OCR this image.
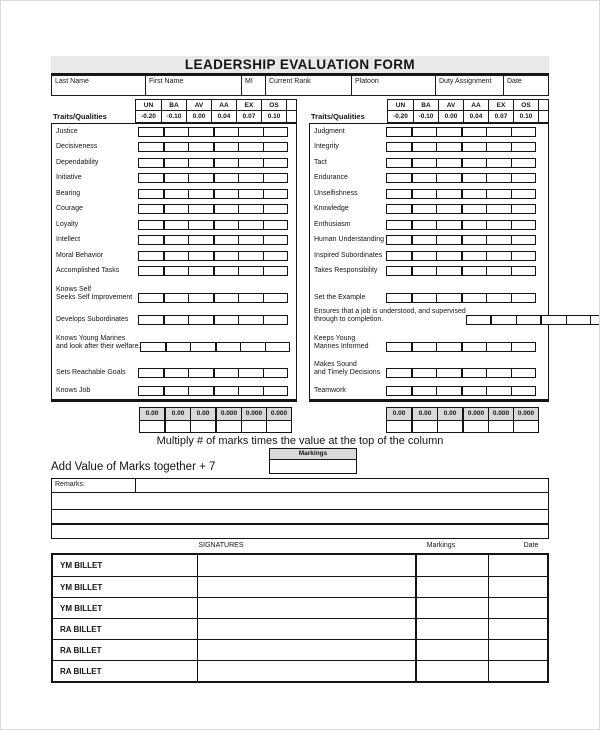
LEADERSHIP EVALUATION FORM
Last Name	First Name	MI	Current Rank	Platoon	Duty Assignment	Date
Traits/Qualities
UN	BA	AV	AA	EX	OS
-0.20	-0.10	0.00	0.04	0.07	0.10
Justice
Decisiveness
Dependability
Initiative
Bearing
Courage
Loyalty
Intellect
Moral Behavior
Accomplished Tasks
Knows Self
Seeks Self Improvement
Develops Subordinates
Knows Young Marines
and look after their welfare.
Sets Reachable Goals
Knows Job
0.00	0.00	0.00	0.000	0.000	0.000
Traits/Qualities
UN	BA	AV	AA	EX	OS
-0.20	-0.10	0.00	0.04	0.07	0.10
Judgment
Integrity
Tact
Endurance
Unselfishness
Knowledge
Enthusiasm
Human Understanding
Inspired Subordinates
Takes Responsibility
Set the Example
Ensures that a job is understood, and supervised
through to completion.
Keeps Young
Marines Informed
Makes Sound
and Timely Decisions
Teamwork
0.00	0.00	0.00	0.000	0.000	0.000
Multiply # of marks times the value at the top of the column
Add Value of Marks together + 7
Markings
Remarks:
SIGNATURES	Markings	Date
YM BILLET
YM BILLET
YM BILLET
RA BILLET
RA BILLET
RA BILLET
